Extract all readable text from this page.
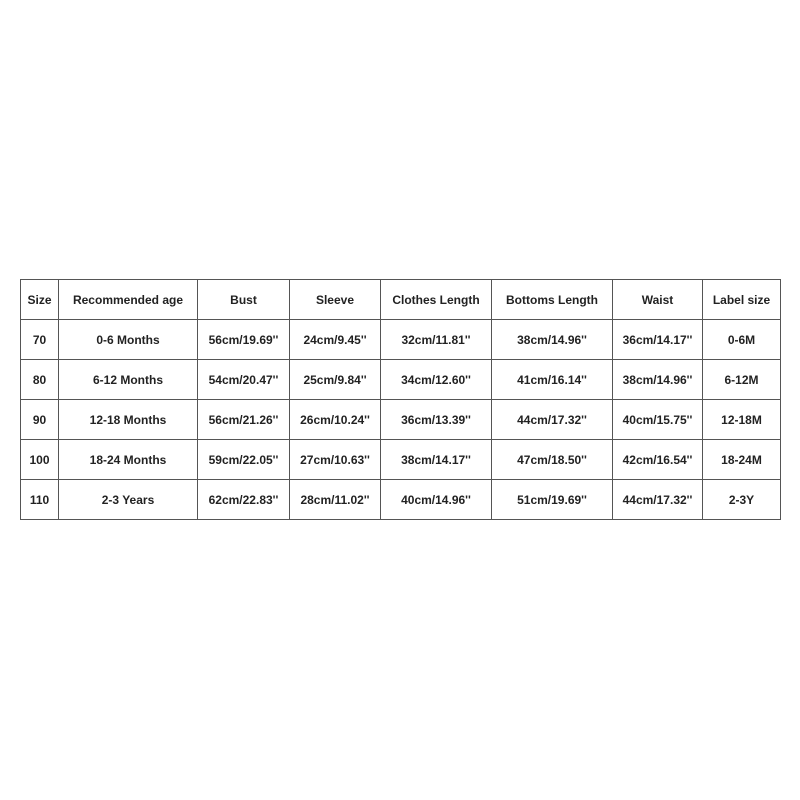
Size	Recommended age	Bust	Sleeve	Clothes Length	Bottoms Length	Waist	Label size
70	0-6 Months	56cm/19.69''	24cm/9.45''	32cm/11.81''	38cm/14.96''	36cm/14.17''	0-6M
80	6-12 Months	54cm/20.47''	25cm/9.84''	34cm/12.60''	41cm/16.14''	38cm/14.96''	6-12M
90	12-18 Months	56cm/21.26''	26cm/10.24''	36cm/13.39''	44cm/17.32''	40cm/15.75''	12-18M
100	18-24 Months	59cm/22.05''	27cm/10.63''	38cm/14.17''	47cm/18.50''	42cm/16.54''	18-24M
110	2-3 Years	62cm/22.83''	28cm/11.02''	40cm/14.96''	51cm/19.69''	44cm/17.32''	2-3Y
